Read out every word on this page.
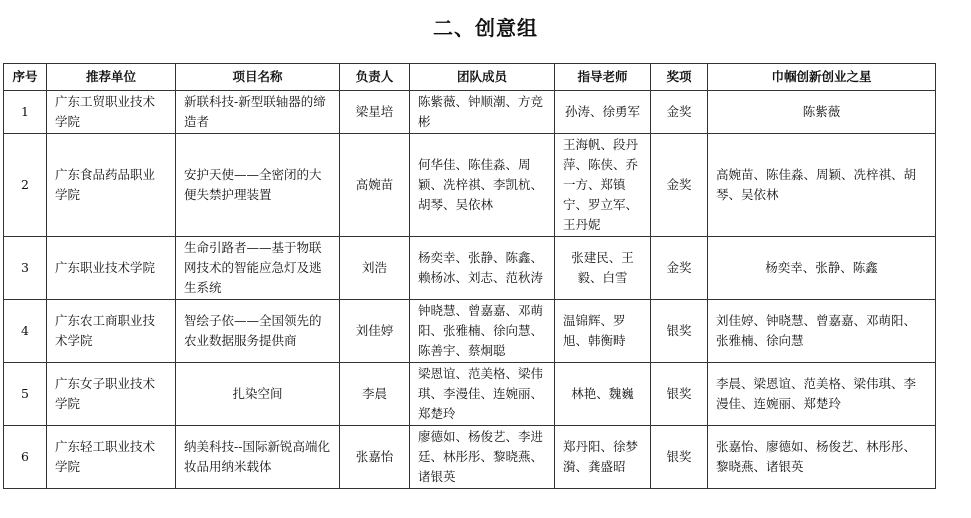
二、创意组
序号	推荐单位	项目名称	负责人	团队成员	指导老师	奖项	巾帼创新创业之星
1	广东工贸职业技术学院	新联科技-新型联轴器的缔造者	梁星培	陈紫薇、钟顺潮、方竞彬	孙涛、徐勇军	金奖	陈紫薇
2	广东食品药品职业学院	安护天使——全密闭的大便失禁护理装置	高婉苗	何华佳、陈佳淼、周颖、冼梓祺、李凯杭、胡琴、吴依林	王海帆、段丹萍、陈侠、乔一方、郑镇宁、罗立军、王丹妮	金奖	高婉苗、陈佳淼、周颖、冼梓祺、胡琴、吴依林
3	广东职业技术学院	生命引路者——基于物联网技术的智能应急灯及逃生系统	刘浩	杨奕幸、张静、陈鑫、赖杨冰、刘志、范秋涛	张建民、王毅、白雪	金奖	杨奕幸、张静、陈鑫
4	广东农工商职业技术学院	智绘子依——全国领先的农业数据服务提供商	刘佳婷	钟晓慧、曾嘉嘉、邓萌阳、张雅楠、徐向慧、陈善宇、蔡炯聪	温锦辉、罗旭、韩衡畤	银奖	刘佳婷、钟晓慧、曾嘉嘉、邓萌阳、张雅楠、徐向慧
5	广东女子职业技术学院	扎染空间	李晨	梁恩谊、范美格、梁伟琪、李漫佳、连婉丽、郑楚玲	林艳、魏巍	银奖	李晨、梁恩谊、范美格、梁伟琪、李漫佳、连婉丽、郑楚玲
6	广东轻工职业技术学院	纳美科技--国际新锐高端化妆品用纳米载体	张嘉怡	廖德如、杨俊艺、李进廷、林彤彤、黎晓燕、诸银英	郑丹阳、徐梦漪、龚盛昭	银奖	张嘉怡、廖德如、杨俊艺、林彤彤、黎晓燕、诸银英
